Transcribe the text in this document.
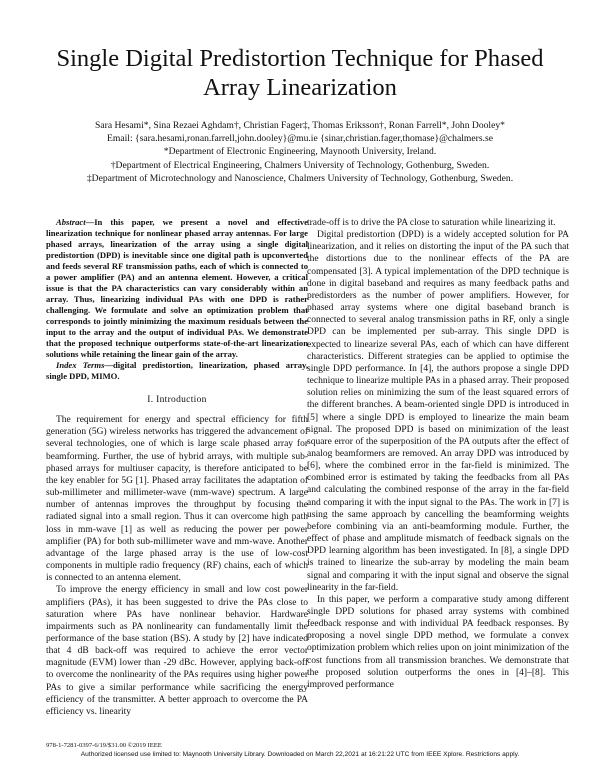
Single Digital Predistortion Technique for Phased Array Linearization
Sara Hesami*, Sina Rezaei Aghdam†, Christian Fager‡, Thomas Eriksson†, Ronan Farrell*, John Dooley*
Email: {sara.hesami,ronan.farrell,john.dooley}@mu.ie {sinar,christian.fager,thomase}@chalmers.se
*Department of Electronic Engineering, Maynooth University, Ireland.
†Department of Electrical Engineering, Chalmers University of Technology, Gothenburg, Sweden.
‡Department of Microtechnology and Nanoscience, Chalmers University of Technology, Gothenburg, Sweden.

Abstract—In this paper, we present a novel and effective linearization technique for nonlinear phased array antennas. For large phased arrays, linearization of the array using a single digital predistortion (DPD) is inevitable since one digital path is upconverted and feeds several RF transmission paths, each of which is connected to a power amplifier (PA) and an antenna element. However, a critical issue is that the PA characteristics can vary considerably within an array. Thus, linearizing individual PAs with one DPD is rather challenging. We formulate and solve an optimization problem that corresponds to jointly minimizing the maximum residuals between the input to the array and the output of individual PAs. We demonstrate that the proposed technique outperforms state-of-the-art linearization solutions while retaining the linear gain of the array.

Index Terms—digital predistortion, linearization, phased array, single DPD, MIMO.

I. Introduction

The requirement for energy and spectral efficiency for fifth generation (5G) wireless networks has triggered the advancement of several technologies, one of which is large scale phased array for beamforming. Further, the use of hybrid arrays, with multiple sub-phased arrays for multiuser capacity, is therefore anticipated to be the key enabler for 5G [1]. Phased array facilitates the adaptation of sub-millimeter and millimeter-wave (mm-wave) spectrum. A large number of antennas improves the throughput by focusing the radiated signal into a small region. Thus it can overcome high path loss in mm-wave [1] as well as reducing the power per power amplifier (PA) for both sub-millimeter wave and mm-wave. Another advantage of the large phased array is the use of low-cost components in multiple radio frequency (RF) chains, each of which is connected to an antenna element.

To improve the energy efficiency in small and low cost power amplifiers (PAs), it has been suggested to drive the PAs close to saturation where PAs have nonlinear behavior. Hardware impairments such as PA nonlinearity can fundamentally limit the performance of the base station (BS). A study by [2] have indicated that 4 dB back-off was required to achieve the error vector magnitude (EVM) lower than -29 dBc. However, applying back-off to overcome the nonlinearity of the PAs requires using higher power PAs to give a similar performance while sacrificing the energy efficiency of the transmitter. A better approach to overcome the PA efficiency vs. linearity

trade-off is to drive the PA close to saturation while linearizing it.

Digital predistortion (DPD) is a widely accepted solution for PA linearization, and it relies on distorting the input of the PA such that the distortions due to the nonlinear effects of the PA are compensated [3]. A typical implementation of the DPD technique is done in digital baseband and requires as many feedback paths and predistorders as the number of power amplifiers. However, for phased array systems where one digital baseband branch is connected to several analog transmission paths in RF, only a single DPD can be implemented per sub-array. This single DPD is expected to linearize several PAs, each of which can have different characteristics. Different strategies can be applied to optimise the single DPD performance. In [4], the authors propose a single DPD technique to linearize multiple PAs in a phased array. Their proposed solution relies on minimizing the sum of the least squared errors of the different branches. A beam-oriented single DPD is introduced in [5] where a single DPD is employed to linearize the main beam signal. The proposed DPD is based on minimization of the least square error of the superposition of the PA outputs after the effect of analog beamformers are removed. An array DPD was introduced by [6], where the combined error in the far-field is minimized. The combined error is estimated by taking the feedbacks from all PAs and calculating the combined response of the array in the far-field and comparing it with the input signal to the PAs. The work in [7] is using the same approach by cancelling the beamforming weights before combining via an anti-beamforming module. Further, the effect of phase and amplitude mismatch of feedback signals on the DPD learning algorithm has been investigated. In [8], a single DPD is trained to linearize the sub-array by modeling the main beam signal and comparing it with the input signal and observe the signal linearity in the far-field.

In this paper, we perform a comparative study among different single DPD solutions for phased array systems with combined feedback response and with individual PA feedback responses. By proposing a novel single DPD method, we formulate a convex optimization problem which relies upon on joint minimization of the cost functions from all transmission branches. We demonstrate that the proposed solution outperforms the ones in [4]–[8]. This improved performance

978-1-7281-0397-6/19/$31.00 ©2019 IEEE
Authorized licensed use limited to: Maynooth University Library. Downloaded on March 22,2021 at 16:21:22 UTC from IEEE Xplore. Restrictions apply.
